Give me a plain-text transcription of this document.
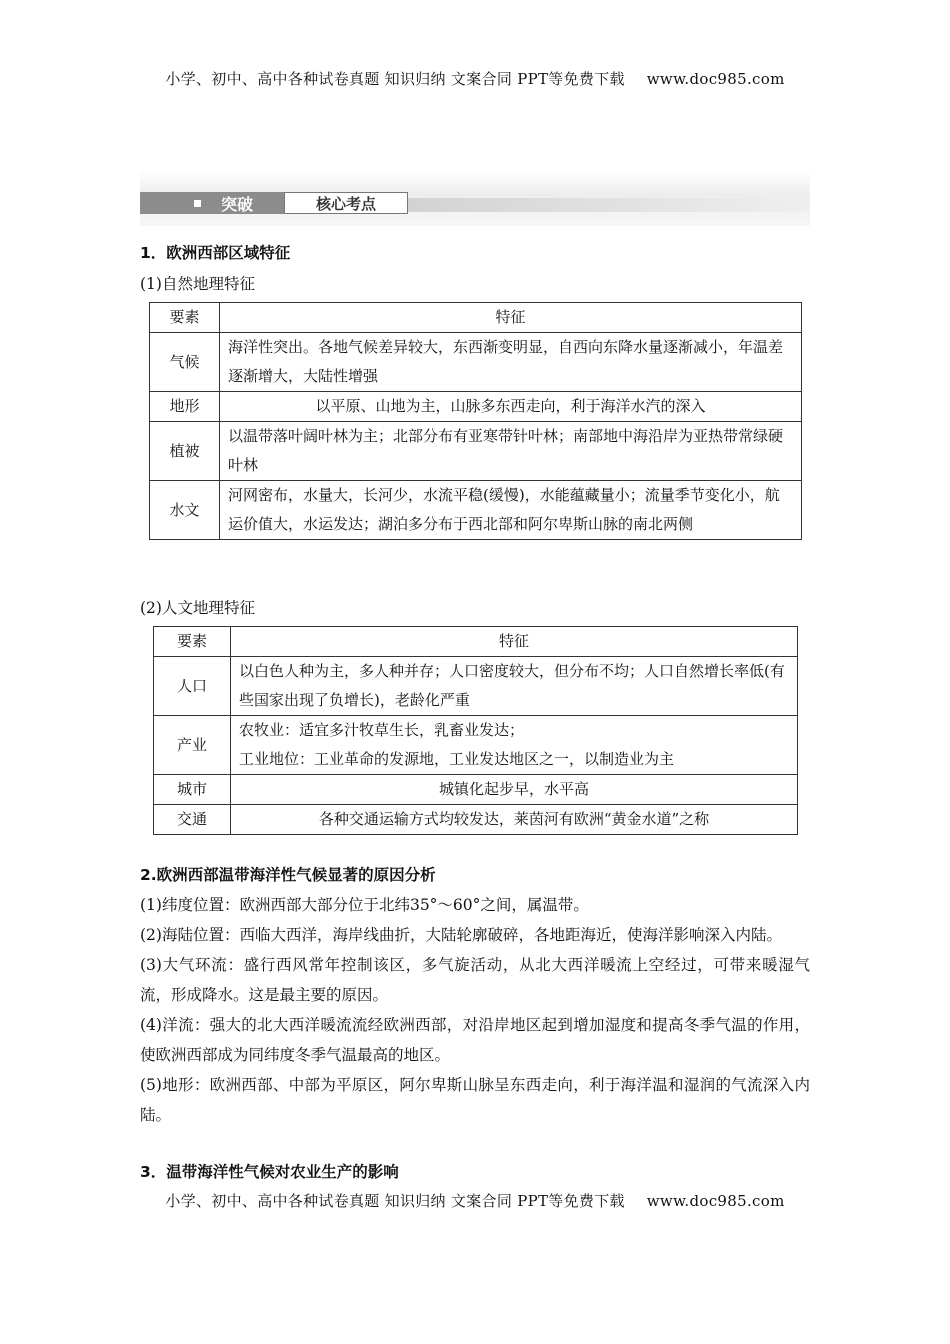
小学、初中、高中各种试卷真题 知识归纳 文案合同 PPT等免费下载 www.doc985.com
突破	核心考点
1．欧洲西部区域特征
(1)自然地理特征
要素	特征
气候	海洋性突出。各地气候差异较大，东西渐变明显，自西向东降水量逐渐减小，年温差逐渐增大，大陆性增强
地形	以平原、山地为主，山脉多东西走向，利于海洋水汽的深入
植被	以温带落叶阔叶林为主；北部分布有亚寒带针叶林；南部地中海沿岸为亚热带常绿硬叶林
水文	河网密布，水量大，长河少，水流平稳(缓慢)，水能蕴藏量小；流量季节变化小，航运价值大，水运发达；湖泊多分布于西北部和阿尔卑斯山脉的南北两侧
(2)人文地理特征
要素	特征
人口	以白色人种为主，多人种并存；人口密度较大，但分布不均；人口自然增长率低(有些国家出现了负增长)，老龄化严重
产业	农牧业：适宜多汁牧草生长，乳畜业发达；
工业地位：工业革命的发源地，工业发达地区之一，以制造业为主

城市	城镇化起步早，水平高
交通	各种交通运输方式均较发达，莱茵河有欧洲“黄金水道”之称
2.欧洲西部温带海洋性气候显著的原因分析
(1)纬度位置：欧洲西部大部分位于北纬35°～60°之间，属温带。
(2)海陆位置：西临大西洋，海岸线曲折，大陆轮廓破碎，各地距海近，使海洋影响深入内陆。
(3)大气环流：盛行西风常年控制该区，多气旋活动，从北大西洋暖流上空经过，可带来暖湿气流，形成降水。这是最主要的原因。
(4)洋流：强大的北大西洋暖流流经欧洲西部，对沿岸地区起到增加湿度和提高冬季气温的作用，使欧洲西部成为同纬度冬季气温最高的地区。
(5)地形：欧洲西部、中部为平原区，阿尔卑斯山脉呈东西走向，利于海洋温和湿润的气流深入内陆。
3．温带海洋性气候对农业生产的影响
小学、初中、高中各种试卷真题 知识归纳 文案合同 PPT等免费下载 www.doc985.com
